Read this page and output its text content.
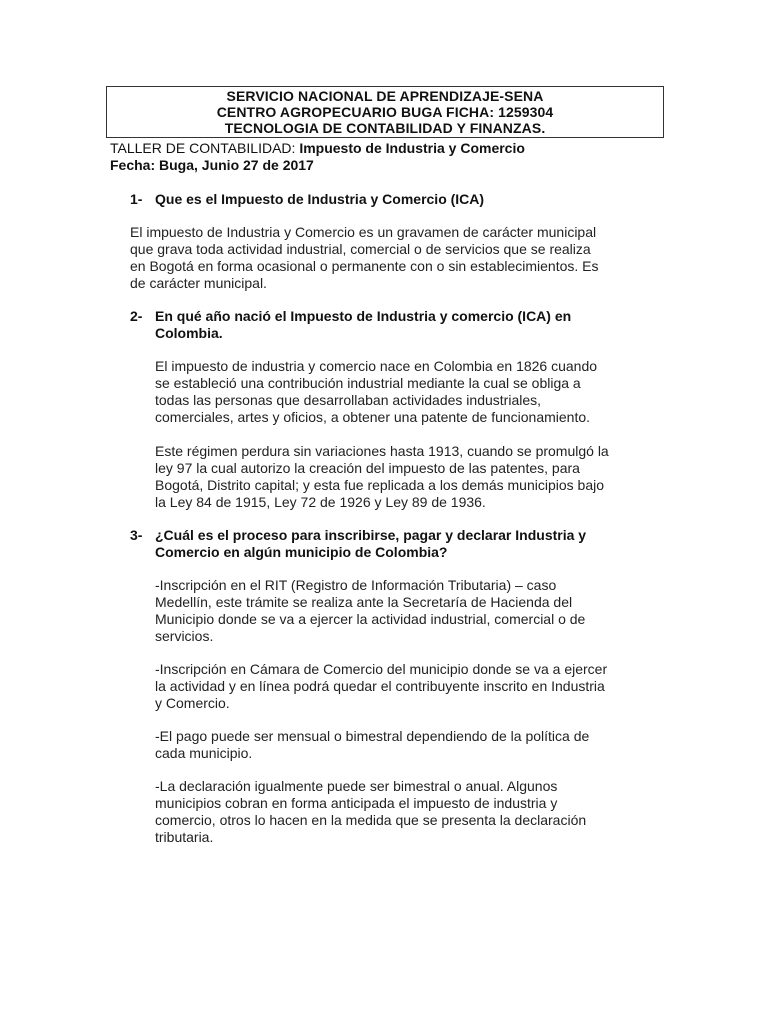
SERVICIO NACIONAL DE APRENDIZAJE-SENA
CENTRO AGROPECUARIO BUGA FICHA: 1259304
TECNOLOGIA DE CONTABILIDAD Y FINANZAS.
TALLER DE CONTABILIDAD: Impuesto de Industria y Comercio
Fecha: Buga, Junio 27 de 2017
1- Que es el Impuesto de Industria y Comercio (ICA)
El impuesto de Industria y Comercio es un gravamen de carácter municipal
que grava toda actividad industrial, comercial o de servicios que se realiza
en Bogotá en forma ocasional o permanente con o sin establecimientos. Es
de carácter municipal.
2- En qué año nació el Impuesto de Industria y comercio (ICA) en
Colombia.
El impuesto de industria y comercio nace en Colombia en 1826 cuando
se estableció una contribución industrial mediante la cual se obliga a
todas las personas que desarrollaban actividades industriales,
comerciales, artes y oficios, a obtener una patente de funcionamiento.
Este régimen perdura sin variaciones hasta 1913, cuando se promulgó la
ley 97 la cual autorizo la creación del impuesto de las patentes, para
Bogotá, Distrito capital; y esta fue replicada a los demás municipios bajo
la Ley 84 de 1915, Ley 72 de 1926 y Ley 89 de 1936.
3- ¿Cuál es el proceso para inscribirse, pagar y declarar Industria y
Comercio en algún municipio de Colombia?
-Inscripción en el RIT (Registro de Información Tributaria) – caso
Medellín, este trámite se realiza ante la Secretaría de Hacienda del
Municipio donde se va a ejercer la actividad industrial, comercial o de
servicios.
-Inscripción en Cámara de Comercio del municipio donde se va a ejercer
la actividad y en línea podrá quedar el contribuyente inscrito en Industria
y Comercio.
-El pago puede ser mensual o bimestral dependiendo de la política de
cada municipio.
-La declaración igualmente puede ser bimestral o anual. Algunos
municipios cobran en forma anticipada el impuesto de industria y
comercio, otros lo hacen en la medida que se presenta la declaración
tributaria.
